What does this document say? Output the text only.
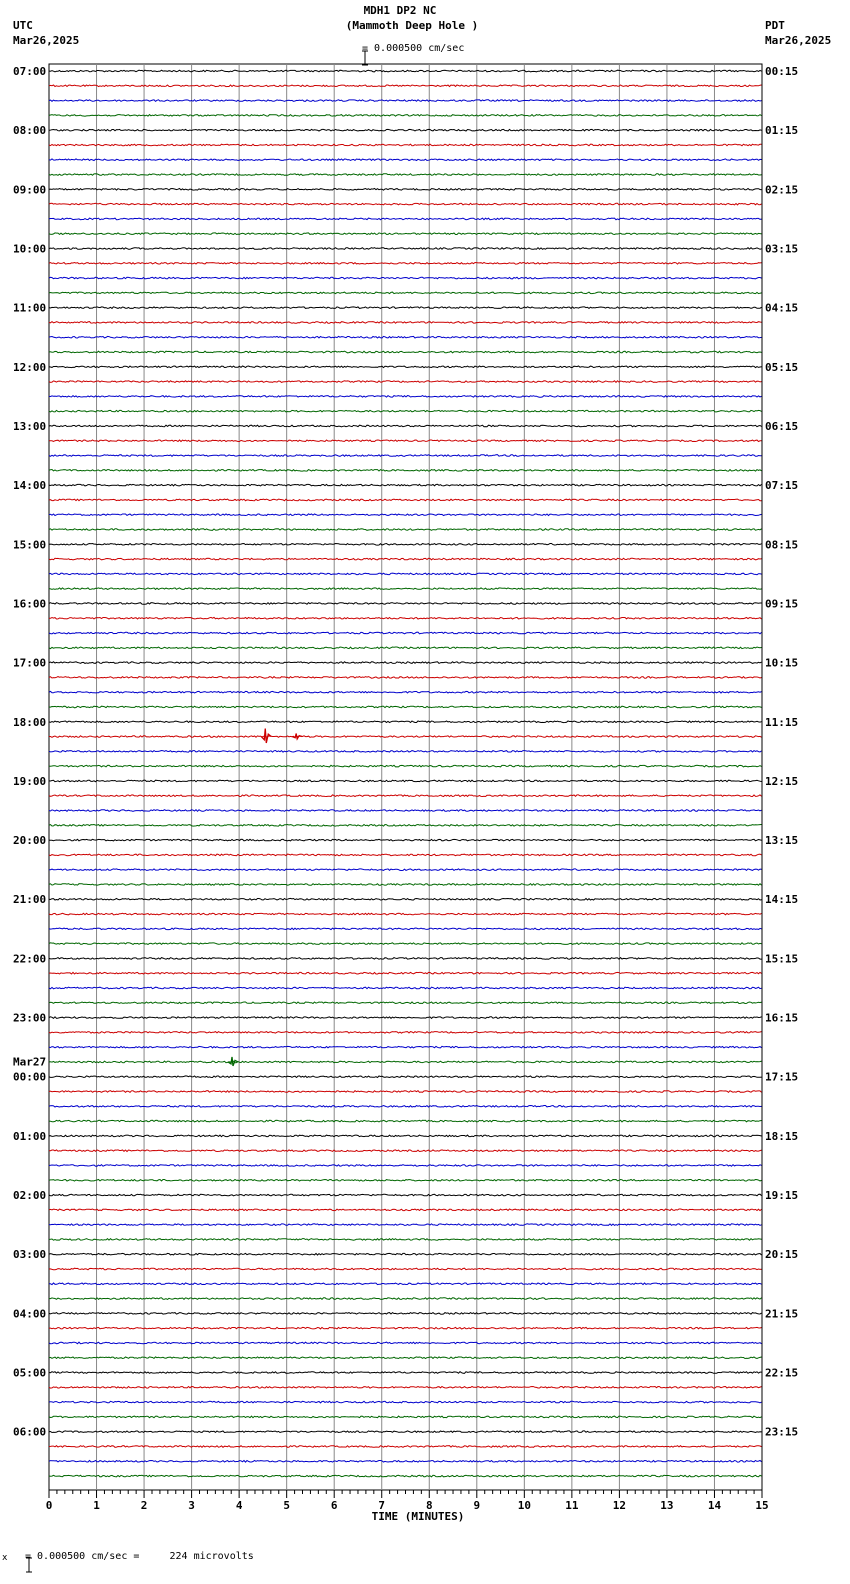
MDH1 DP2 NC
(Mammoth Deep Hole )

= 0.000500 cm/sec
UTC
Mar26,2025
PDT
Mar26,2025
07:00	00:15
08:00	01:15
09:00	02:15
10:00	03:15
11:00	04:15
12:00	05:15
13:00	06:15
14:00	07:15
15:00	08:15
16:00	09:15
17:00	10:15
18:00	11:15
19:00	12:15
20:00	13:15
21:00	14:15
22:00	15:15
23:00	16:15
00:00	17:15
01:00	18:15
02:00	19:15
03:00	20:15
04:00	21:15
05:00	22:15
06:00	23:15
Mar27
0	1	2	3	4	5	6	7	8	9	10	11	12	13	14	15
TIME (MINUTES)
x

= 0.000500 cm/sec =     224 microvolts
